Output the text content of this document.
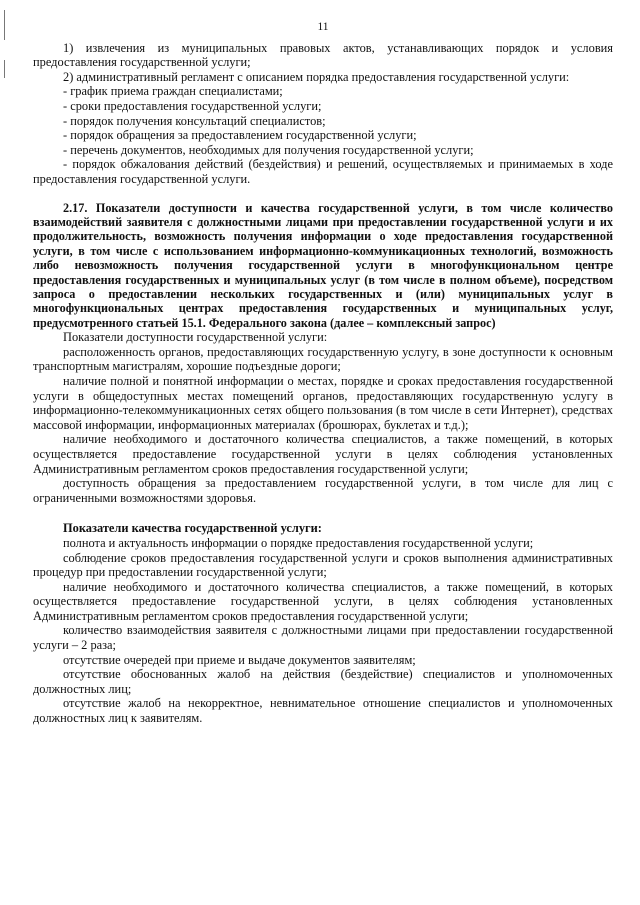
11

1) извлечения из муниципальных правовых актов, устанавливающих порядок и условия предоставления государственной услуги;

2) административный регламент с описанием порядка предоставления государственной услуги:

- график приема граждан специалистами;

- сроки предоставления государственной услуги;

- порядок получения консультаций специалистов;

- порядок обращения за предоставлением государственной услуги;

- перечень документов, необходимых для получения государственной услуги;

- порядок обжалования действий (бездействия) и решений, осуществляемых и принимаемых в ходе предоставления государственной услуги.

2.17. Показатели доступности и качества государственной услуги, в том числе количество взаимодействий заявителя с должностными лицами при предоставлении государственной услуги и их продолжительность, возможность получения информации о ходе предоставления государственной услуги, в том числе с использованием информационно-коммуникационных технологий, возможность либо невозможность получения государственной услуги в многофункциональном центре предоставления государственных и муниципальных услуг (в том числе в полном объеме), посредством запроса о предоставлении нескольких государственных и (или) муниципальных услуг в многофункциональных центрах предоставления государственных и муниципальных услуг, предусмотренного статьей 15.1. Федерального закона (далее – комплексный запрос)

Показатели доступности государственной услуги:

расположенность органов, предоставляющих государственную услугу, в зоне доступности к основным транспортным магистралям, хорошие подъездные дороги;

наличие полной и понятной информации о местах, порядке и сроках предоставления государственной услуги в общедоступных местах помещений органов, предоставляющих государственную услугу в информационно-телекоммуникационных сетях общего пользования (в том числе в сети Интернет), средствах массовой информации, информационных материалах (брошюрах, буклетах и т.д.);

наличие необходимого и достаточного количества специалистов, а также помещений, в которых осуществляется предоставление государственной услуги в целях соблюдения установленных Административным регламентом сроков предоставления государственной услуги;

доступность обращения за предоставлением государственной услуги, в том числе для лиц с ограниченными возможностями здоровья.

Показатели качества государственной услуги:

полнота и актуальность информации о порядке предоставления государственной услуги;

соблюдение сроков предоставления государственной услуги и сроков выполнения административных процедур при предоставлении государственной услуги;

наличие необходимого и достаточного количества специалистов, а также помещений, в которых осуществляется предоставление государственной услуги, в целях соблюдения установленных Административным регламентом сроков предоставления государственной услуги;

количество взаимодействия заявителя с должностными лицами при предоставлении государственной услуги – 2 раза;

отсутствие очередей при приеме и выдаче документов заявителям;

отсутствие обоснованных жалоб на действия (бездействие) специалистов и уполномоченных должностных лиц;

отсутствие жалоб на некорректное, невнимательное отношение специалистов и уполномоченных должностных лиц к заявителям.
